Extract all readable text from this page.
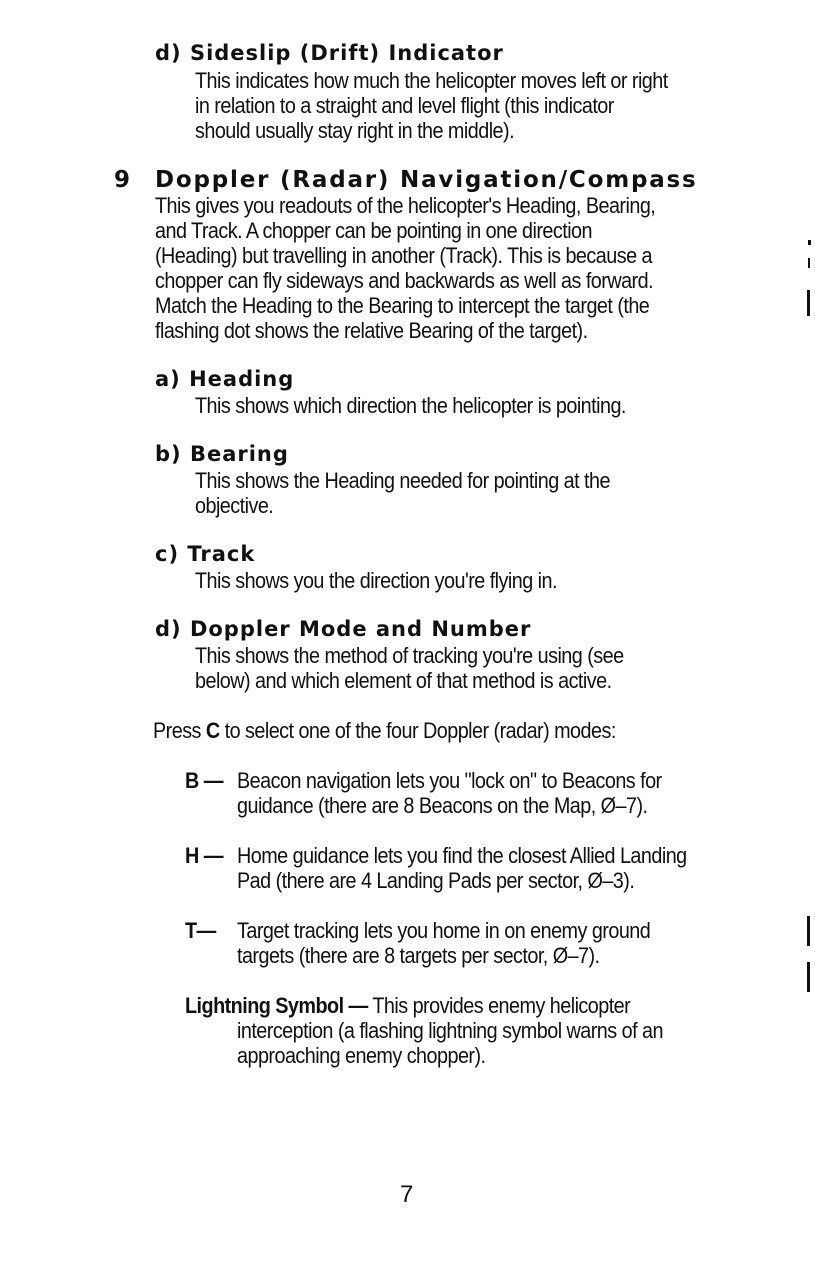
d) Sideslip (Drift) Indicator
This indicates how much the helicopter moves left or right
in relation to a straight and level flight (this indicator
should usually stay right in the middle).
9 Doppler (Radar) Navigation/Compass
This gives you readouts of the helicopter's Heading, Bearing,
and Track. A chopper can be pointing in one direction
(Heading) but travelling in another (Track). This is because a
chopper can fly sideways and backwards as well as forward.
Match the Heading to the Bearing to intercept the target (the
flashing dot shows the relative Bearing of the target).
a) Heading
This shows which direction the helicopter is pointing.
b) Bearing
This shows the Heading needed for pointing at the
objective.
c) Track
This shows you the direction you're flying in.
d) Doppler Mode and Number
This shows the method of tracking you're using (see
below) and which element of that method is active.
Press C to select one of the four Doppler (radar) modes:
B — Beacon navigation lets you "lock on" to Beacons for
guidance (there are 8 Beacons on the Map, Ø–7).
H — Home guidance lets you find the closest Allied Landing
Pad (there are 4 Landing Pads per sector, Ø–3).
T— Target tracking lets you home in on enemy ground
targets (there are 8 targets per sector, Ø–7).
Lightning Symbol — This provides enemy helicopter
interception (a flashing lightning symbol warns of an
approaching enemy chopper).
7
